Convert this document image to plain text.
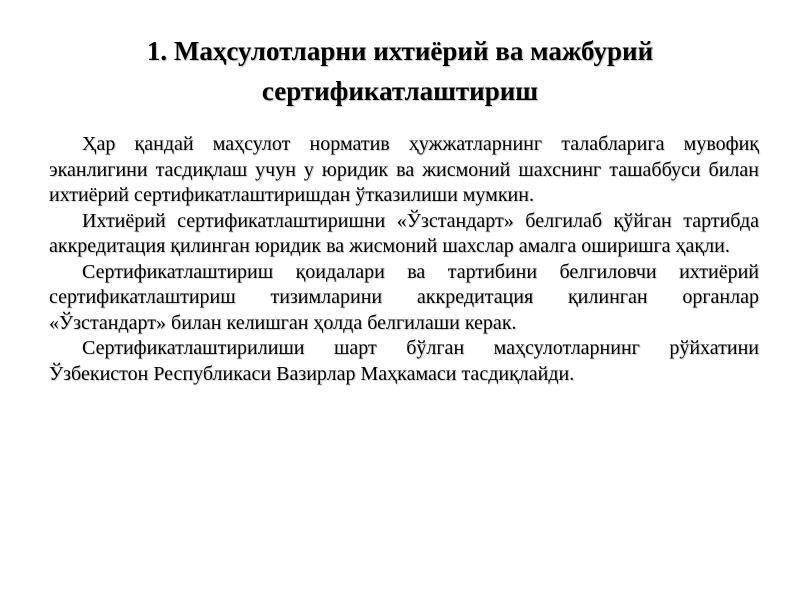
1. Маҳсулотларни ихтиёрий ва мажбурий сертификатлаштириш

Ҳар қандай маҳсулот норматив ҳужжатларнинг талабларига мувофиқ эканлигини тасдиқлаш учун у юридик ва жисмоний шахснинг ташаббуси билан ихтиёрий сертификатлаштиришдан ўтказилиши мумкин.

Ихтиёрий сертификатлаштиришни «Ўзстандарт» белгилаб қўйган тартибда аккредитация қилинган юридик ва жисмоний шахслар амалга оширишга ҳақли.

Сертификатлаштириш қоидалари ва тартибини белгиловчи ихтиёрий сертификатлаштириш тизимларини аккредитация қилинган органлар «Ўзстандарт» билан келишган ҳолда белгилаши керак.

Сертификатлаштирилиши шарт бўлган маҳсулотларнинг рўйхатини Ўзбекистон Республикаси Вазирлар Маҳкамаси тасдиқлайди.
